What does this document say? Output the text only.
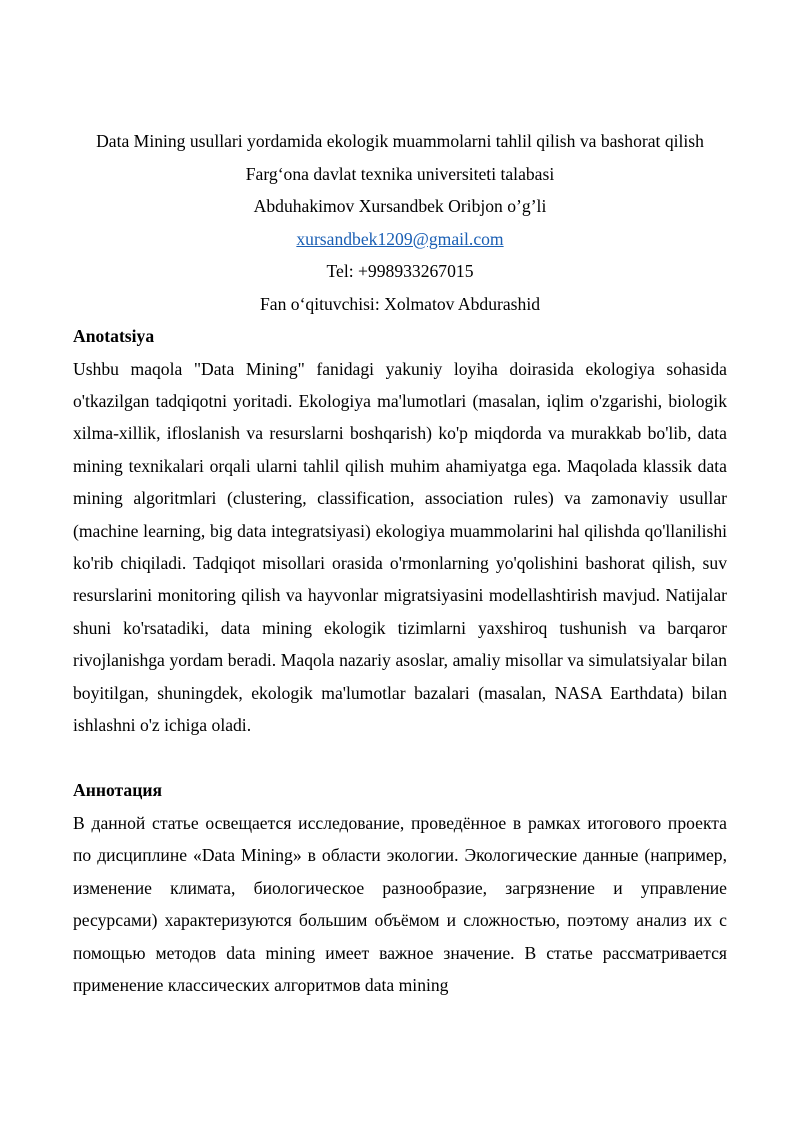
Data Mining usullari yordamida ekologik muammolarni tahlil qilish va bashorat qilish
Farg‘ona davlat texnika universiteti talabasi
Abduhakimov Xursandbek Oribjon o’g’li
xursandbek1209@gmail.com
Tel: +998933267015
Fan o‘qituvchisi: Xolmatov Abdurashid
Anotatsiya

Ushbu maqola "Data Mining" fanidagi yakuniy loyiha doirasida ekologiya sohasida o'tkazilgan tadqiqotni yoritadi. Ekologiya ma'lumotlari (masalan, iqlim o'zgarishi, biologik xilma-xillik, ifloslanish va resurslarni boshqarish) ko'p miqdorda va murakkab bo'lib, data mining texnikalari orqali ularni tahlil qilish muhim ahamiyatga ega. Maqolada klassik data mining algoritmlari (clustering, classification, association rules) va zamonaviy usullar (machine learning, big data integratsiyasi) ekologiya muammolarini hal qilishda qo'llanilishi ko'rib chiqiladi. Tadqiqot misollari orasida o'rmonlarning yo'qolishini bashorat qilish, suv resurslarini monitoring qilish va hayvonlar migratsiyasini modellashtirish mavjud. Natijalar shuni ko'rsatadiki, data mining ekologik tizimlarni yaxshiroq tushunish va barqaror rivojlanishga yordam beradi. Maqola nazariy asoslar, amaliy misollar va simulatsiyalar bilan boyitilgan, shuningdek, ekologik ma'lumotlar bazalari (masalan, NASA Earthdata) bilan ishlashni o'z ichiga oladi.

Аннотация

В данной статье освещается исследование, проведённое в рамках итогового проекта по дисциплине «Data Mining» в области экологии. Экологические данные (например, изменение климата, биологическое разнообразие, загрязнение и управление ресурсами) характеризуются большим объёмом и сложностью, поэтому анализ их с помощью методов data mining имеет важное значение. В статье рассматривается применение классических алгоритмов data mining
